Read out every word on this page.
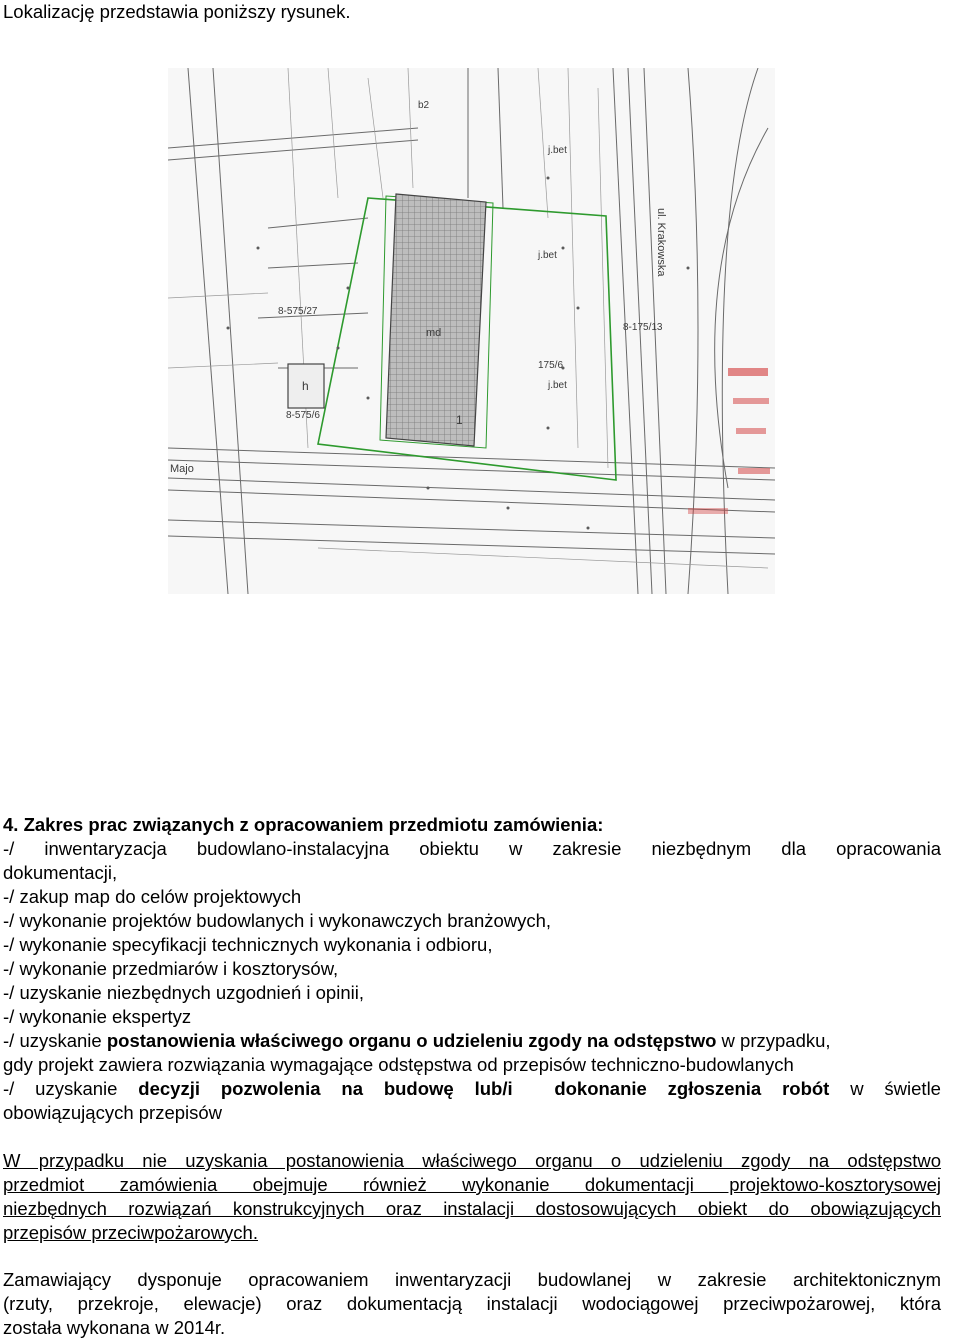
Lokalizację przedstawia poniższy rysunek.
b2
j.bet
j.bet
j.bet
8-575/27
8-575/6
8-175/13
175/6
h
md
1
Majo
ul. Krakowska

4. Zakres prac związanych z opracowaniem przedmiotu zamówienia:

-/ inwentaryzacja budowlano-instalacyjna obiektu w zakresie niezbędnym dla opracowania

dokumentacji,

-/ zakup map do celów projektowych

-/ wykonanie projektów budowlanych i wykonawczych branżowych,

-/ wykonanie specyfikacji technicznych wykonania i odbioru,

-/ wykonanie przedmiarów i kosztorysów,

-/ uzyskanie niezbędnych uzgodnień i opinii,

-/ wykonanie ekspertyz

-/ uzyskanie postanowienia właściwego organu o udzieleniu zgody na odstępstwo w przypadku,

gdy projekt zawiera rozwiązania wymagające odstępstwa od przepisów techniczno-budowlanych

-/ uzyskanie decyzji pozwolenia na budowę lub/i dokonanie zgłoszenia robót w świetle

obowiązujących przepisów

W przypadku nie uzyskania postanowienia właściwego organu o udzieleniu zgody na odstępstwo

przedmiot zamówienia obejmuje również wykonanie dokumentacji projektowo-kosztorysowej

niezbędnych rozwiązań konstrukcyjnych oraz instalacji dostosowujących obiekt do obowiązujących

przepisów przeciwpożarowych.

Zamawiający dysponuje opracowaniem inwentaryzacji budowlanej w zakresie architektonicznym

(rzuty, przekroje, elewacje) oraz dokumentacją instalacji wodociągowej przeciwpożarowej, która

została wykonana w 2014r.
